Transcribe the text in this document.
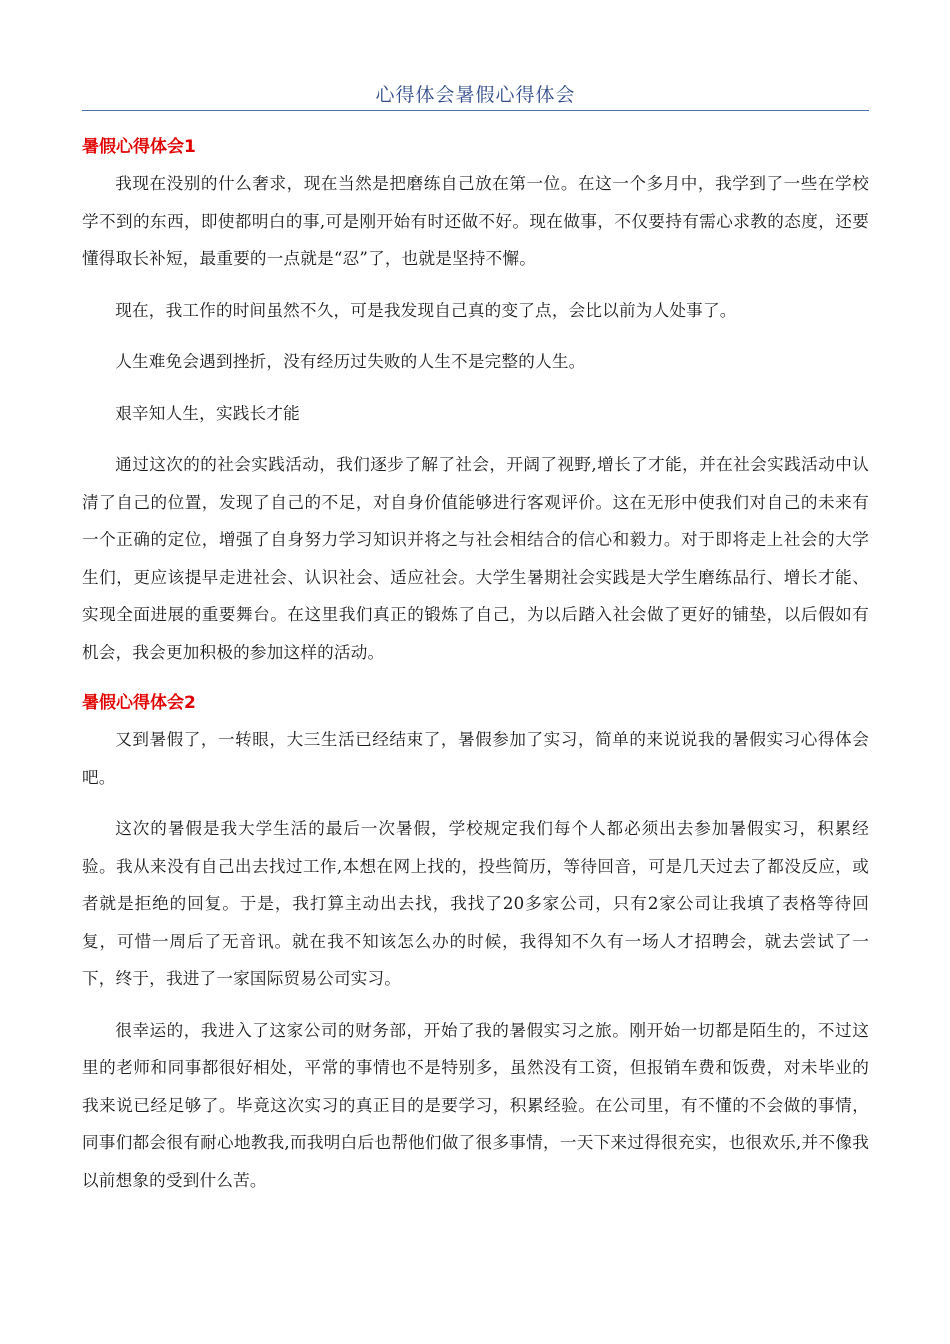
心得体会暑假心得体会
暑假心得体会1

我现在没别的什么奢求，现在当然是把磨练自己放在第一位。在这一个多月中，我学到了一些在学校学不到的东西，即使都明白的事,可是刚开始有时还做不好。现在做事，不仅要持有需心求教的态度，还要懂得取长补短，最重要的一点就是“忍”了，也就是坚持不懈。

现在，我工作的时间虽然不久，可是我发现自己真的变了点，会比以前为人处事了。

人生难免会遇到挫折，没有经历过失败的人生不是完整的人生。

艰辛知人生，实践长才能

通过这次的的社会实践活动，我们逐步了解了社会，开阔了视野,增长了才能，并在社会实践活动中认清了自己的位置，发现了自己的不足，对自身价值能够进行客观评价。这在无形中使我们对自己的未来有一个正确的定位，增强了自身努力学习知识并将之与社会相结合的信心和毅力。对于即将走上社会的大学生们，更应该提早走进社会、认识社会、适应社会。大学生暑期社会实践是大学生磨练品行、增长才能、实现全面进展的重要舞台。在这里我们真正的锻炼了自己，为以后踏入社会做了更好的铺垫，以后假如有机会，我会更加积极的参加这样的活动。

暑假心得体会2

又到暑假了，一转眼，大三生活已经结束了，暑假参加了实习，简单的来说说我的暑假实习心得体会吧。

这次的暑假是我大学生活的最后一次暑假，学校规定我们每个人都必须出去参加暑假实习，积累经验。我从来没有自己出去找过工作,本想在网上找的，投些简历，等待回音，可是几天过去了都没反应，或者就是拒绝的回复。于是，我打算主动出去找，我找了20多家公司，只有2家公司让我填了表格等待回复，可惜一周后了无音讯。就在我不知该怎么办的时候，我得知不久有一场人才招聘会，就去尝试了一下，终于，我进了一家国际贸易公司实习。

很幸运的，我进入了这家公司的财务部，开始了我的暑假实习之旅。刚开始一切都是陌生的，不过这里的老师和同事都很好相处，平常的事情也不是特别多，虽然没有工资，但报销车费和饭费，对未毕业的我来说已经足够了。毕竟这次实习的真正目的是要学习，积累经验。在公司里，有不懂的不会做的事情，同事们都会很有耐心地教我,而我明白后也帮他们做了很多事情，一天下来过得很充实，也很欢乐,并不像我以前想象的受到什么苦。
